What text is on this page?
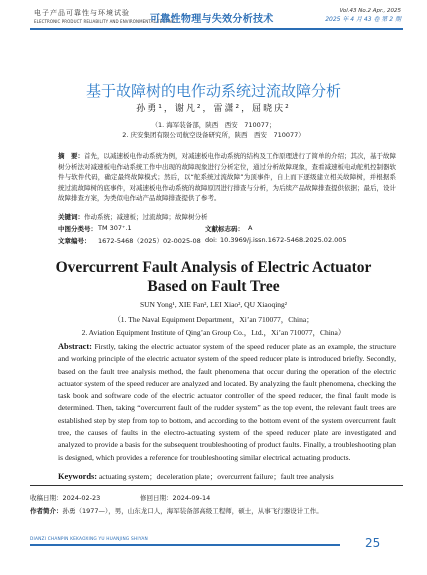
电子产品可靠性与环境试验
ELECTRONIC PRODUCT RELIABILITY AND ENVIRONMENTAL TESTING
可靠性物理与失效分析技术
Vol.43 No.2 Apr., 2025
2025 年 4 月 43 卷 第 2 期
基于故障树的电作动系统过流故障分析
孙勇¹，谢凡²，雷潇²，屈晓庆²
（1. 海军装备部，陕西　西安　710077；
2. 庆安集团有限公司航空设备研究所，陕西　西安　710077）
摘　要：首先，以减速板电作动系统为例，对减速板电作动系统的结构及工作原理进行了简单的介绍；其次，基于故障树分析法对减速板电作动系统工作中出现的故障现象进行分析定位，通过分析故障现象，查看减速板电动舵机控制器软件与软件代码，确定最终故障模式；然后，以“舵系统过流故障”为顶事件，自上而下逐级建立相关故障树，并根据系统过流故障树的底事件，对减速板电作动系统的故障原因进行排查与分析，为后续产品故障排查提供依据；最后，设计故障排查方案，为类似电作动产品故障排查提供了参考。
关键词：作动系统；减速板；过流故障；故障树分析
中图分类号： TM 307⁺.1	文献标志码： A
文章编号： 1672-5468（2025）02-0025-08 doi: 10.3969/j.issn.1672-5468.2025.02.005
Overcurrent Fault Analysis of Electric Actuator
Based on Fault Tree
SUN Yong¹, XIE Fan², LEI Xiao², QU Xiaoqing²
（1. The Naval Equipment Department，Xi’an 710077，China；
2. Aviation Equipment Institute of Qing’an Group Co.，Ltd.，Xi’an 710077，China）
Abstract: Firstly, taking the electric actuator system of the speed reducer plate as an example, the structure and working principle of the electric actuator system of the speed reducer plate is introduced briefly. Secondly, based on the fault tree analysis method, the fault phenomena that occur during the operation of the electric actuator system of the speed reducer are analyzed and located. By analyzing the fault phenomena, checking the task book and software code of the electric actuator controller of the speed reducer, the final fault mode is determined. Then, taking “overcurrent fault of the rudder system” as the top event, the relevant fault trees are established step by step from top to bottom, and according to the bottom event of the system overcurrent fault tree, the causes of faults in the electro-actuating system of the speed reducer plate are investigated and analyzed to provide a basis for the subsequent troubleshooting of product faults. Finally, a troubleshooting plan is designed, which provides a reference for troubleshooting similar electrical actuating products.
Keywords: actuating system；deceleration plate；overcurrent failure；fault tree analysis
收稿日期：2024-02-23	修回日期：2024-09-14
作者简介：孙勇（1977—），男，山东龙口人，海军装备部高级工程师，硕士，从事飞行器设计工作。
DIANZI CHANPIN KEKAOXING YU HUANJING SHIYAN	25
